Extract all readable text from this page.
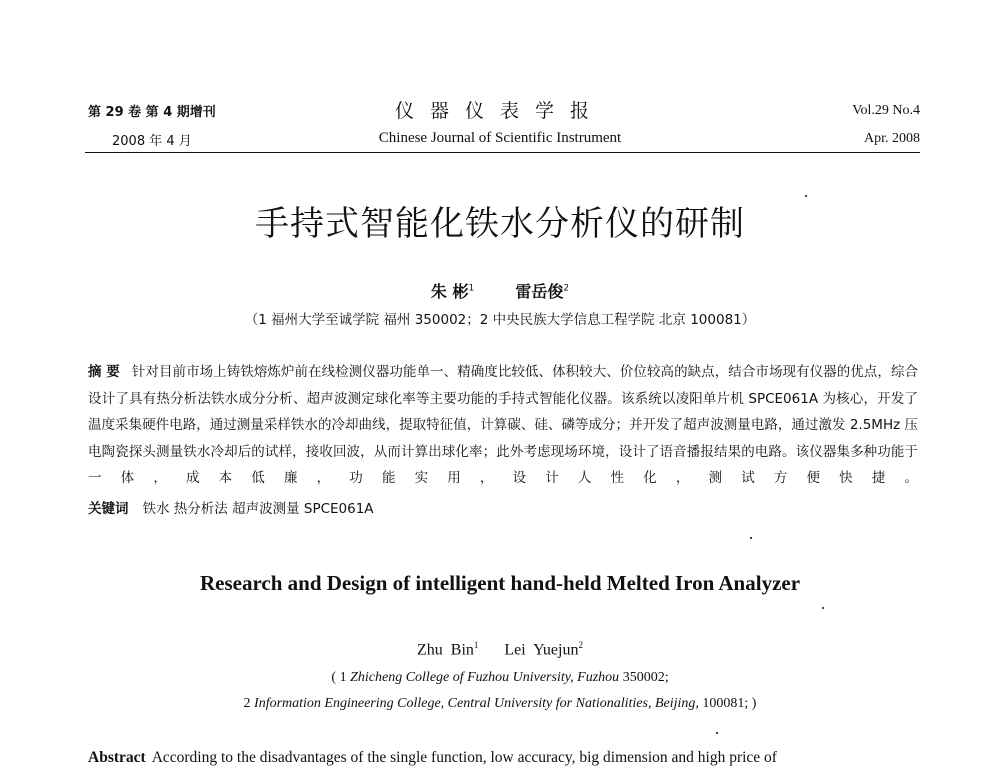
第 29 卷 第 4 期增刊
2008 年 4 月
仪器仪表学报
Chinese Journal of Scientific Instrument
Vol.29 No.4
Apr. 2008
手持式智能化铁水分析仪的研制
朱 彬$^1$	雷岳俊$^2$
（1 福州大学至诚学院 福州 350002；2 中央民族大学信息工程学院 北京 100081）
摘 要 针对目前市场上铸铁熔炼炉前在线检测仪器功能单一、精确度比较低、体积较大、价位较高的缺点，结合市场现有仪器的优点，综合设计了具有热分析法铁水成分分析、超声波测定球化率等主要功能的手持式智能化仪器。该系统以凌阳单片机 SPCE061A 为核心，开发了温度采集硬件电路，通过测量采样铁水的冷却曲线，提取特征值，计算碳、硅、磷等成分；并开发了超声波测量电路，通过激发 2.5MHz 压电陶瓷探头测量铁水冷却后的试样，接收回波，从而计算出球化率；此外考虑现场环境，设计了语音播报结果的电路。该仪器集多种功能于一体，成本低廉，功能实用，设计人性化，测试方便快捷。
关键词 铁水 热分析法 超声波测量 SPCE061A
Research and Design of intelligent hand-held Melted Iron Analyzer
Zhu Bin$^1$ Lei Yuejun$^2$
( 1 Zhicheng College of Fuzhou University, Fuzhou 350002;
2 Information Engineering College, Central University for Nationalities, Beijing, 100081; )
Abstract According to the disadvantages of the single function, low accuracy, big dimension and high price of
